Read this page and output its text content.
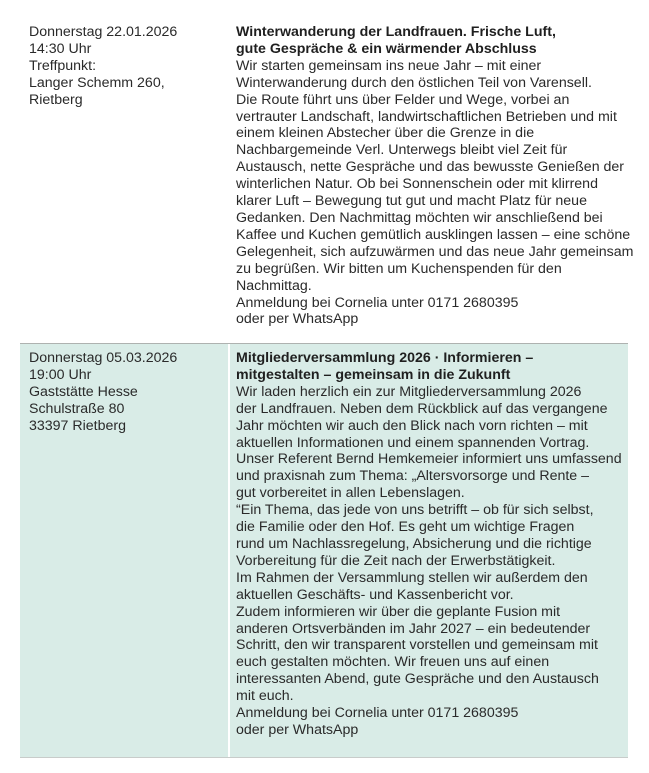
Donnerstag 22.01.2026
14:30 Uhr
Treffpunkt:
Langer Schemm 260,
Rietberg
Winterwanderung der Landfrauen. Frische Luft,
gute Gespräche & ein wärmender Abschluss
Wir starten gemeinsam ins neue Jahr – mit einer
Winterwanderung durch den östlichen Teil von Varensell.
Die Route führt uns über Felder und Wege, vorbei an
vertrauter Landschaft, landwirtschaftlichen Betrieben und mit
einem kleinen Abstecher über die Grenze in die
Nachbargemeinde Verl. Unterwegs bleibt viel Zeit für
Austausch, nette Gespräche und das bewusste Genießen der
winterlichen Natur. Ob bei Sonnenschein oder mit klirrend
klarer Luft – Bewegung tut gut und macht Platz für neue
Gedanken. Den Nachmittag möchten wir anschließend bei
Kaffee und Kuchen gemütlich ausklingen lassen – eine schöne
Gelegenheit, sich aufzuwärmen und das neue Jahr gemeinsam
zu begrüßen. Wir bitten um Kuchenspenden für den
Nachmittag.
Anmeldung bei Cornelia unter 0171 2680395
oder per WhatsApp
Donnerstag 05.03.2026
19:00 Uhr
Gaststätte Hesse
Schulstraße 80
33397 Rietberg
Mitgliederversammlung 2026 · Informieren –
mitgestalten – gemeinsam in die Zukunft
Wir laden herzlich ein zur Mitgliederversammlung 2026
der Landfrauen. Neben dem Rückblick auf das vergangene
Jahr möchten wir auch den Blick nach vorn richten – mit
aktuellen Informationen und einem spannenden Vortrag.
Unser Referent Bernd Hemkemeier informiert uns umfassend
und praxisnah zum Thema: „Altersvorsorge und Rente –
gut vorbereitet in allen Lebenslagen.
“Ein Thema, das jede von uns betrifft – ob für sich selbst,
die Familie oder den Hof. Es geht um wichtige Fragen
rund um Nachlassregelung, Absicherung und die richtige
Vorbereitung für die Zeit nach der Erwerbstätigkeit.
Im Rahmen der Versammlung stellen wir außerdem den
aktuellen Geschäfts- und Kassenbericht vor.
Zudem informieren wir über die geplante Fusion mit
anderen Ortsverbänden im Jahr 2027 – ein bedeutender
Schritt, den wir transparent vorstellen und gemeinsam mit
euch gestalten möchten. Wir freuen uns auf einen
interessanten Abend, gute Gespräche und den Austausch
mit euch.
Anmeldung bei Cornelia unter 0171 2680395
oder per WhatsApp
